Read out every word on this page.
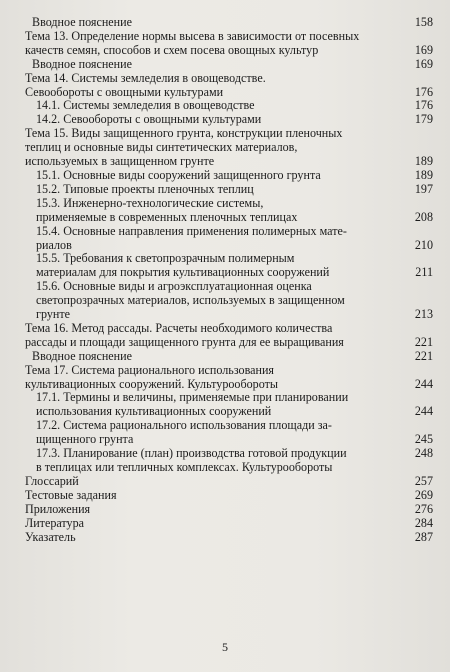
Вводное пояснение	158
Тема 13. Определение нормы высева в зависимости от посевных
качеств семян, способов и схем посева овощных культур	169
Вводное пояснение	169
Тема 14. Системы земледелия в овощеводстве.
Севообороты с овощными культурами	176
14.1. Системы земледелия в овощеводстве	176
14.2. Севообороты с овощными культурами	179
Тема 15. Виды защищенного грунта, конструкции пленочных
теплиц и основные виды синтетических материалов,
используемых в защищенном грунте	189
15.1. Основные виды сооружений защищенного грунта	189
15.2. Типовые проекты пленочных теплиц	197
15.3. Инженерно-технологические системы,
применяемые в современных пленочных теплицах	208
15.4. Основные направления применения полимерных мате-
риалов	210
15.5. Требования к светопрозрачным полимерным
материалам для покрытия культивационных сооружений	211
15.6. Основные виды и агроэксплуатационная оценка
светопрозрачных материалов, используемых в защищенном
грунте	213
Тема 16. Метод рассады. Расчеты необходимого количества
рассады и площади защищенного грунта для ее выращивания	221
Вводное пояснение	221
Тема 17. Система рационального использования
культивационных сооружений. Культурообороты	244
17.1. Термины и величины, применяемые при планировании
использования культивационных сооружений	244
17.2. Система рационального использования площади за-
щищенного грунта	245
17.3. Планирование (план) производства готовой продукции
в теплицах или тепличных комплексах. Культурообороты
248
Глоссарий	257
Тестовые задания	269
Приложения	276
Литература	284
Указатель	287
5
